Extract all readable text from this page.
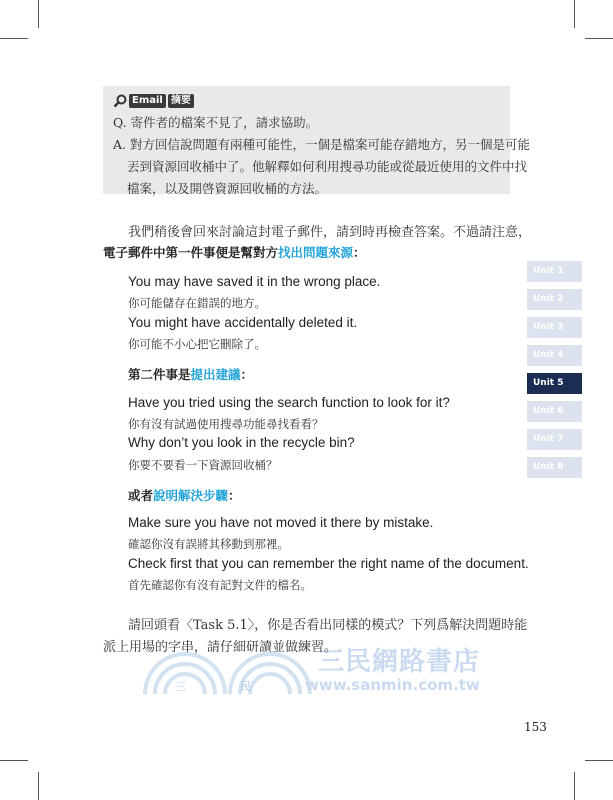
Email 摘要
Q. 寄件者的檔案不見了，請求協助。
A. 對方回信說問題有兩種可能性，一個是檔案可能存錯地方，另一個是可能
丟到資源回收桶中了。他解釋如何利用搜尋功能或從最近使用的文件中找
檔案，以及開啓資源回收桶的方法。
我們稍後會回來討論這封電子郵件，請到時再檢查答案。不過請注意，
電子郵件中第一件事便是幫對方找出問題來源：
You may have saved it in the wrong place.
你可能儲存在錯誤的地方。
You might have accidentally deleted it.
你可能不小心把它刪除了。
第二件事是提出建議：
Have you tried using the search function to look for it?
你有沒有試過使用搜尋功能尋找看看？
Why don’t you look in the recycle bin?
你要不要看一下資源回收桶？
或者說明解決步驟：
Make sure you have not moved it there by mistake.
確認你沒有誤將其移動到那裡。
Check first that you can remember the right name of the document.
首先確認你有沒有記對文件的檔名。
三	民
三民網路書店
www.sanmin.com.tw
請回頭看〈Task 5.1〉，你是否看出同樣的模式？下列爲解決問題時能
派上用場的字串，請仔細研讀並做練習。
Unit 1
Unit 2
Unit 3
Unit 4
Unit 5
Unit 6
Unit 7
Unit 8
153
